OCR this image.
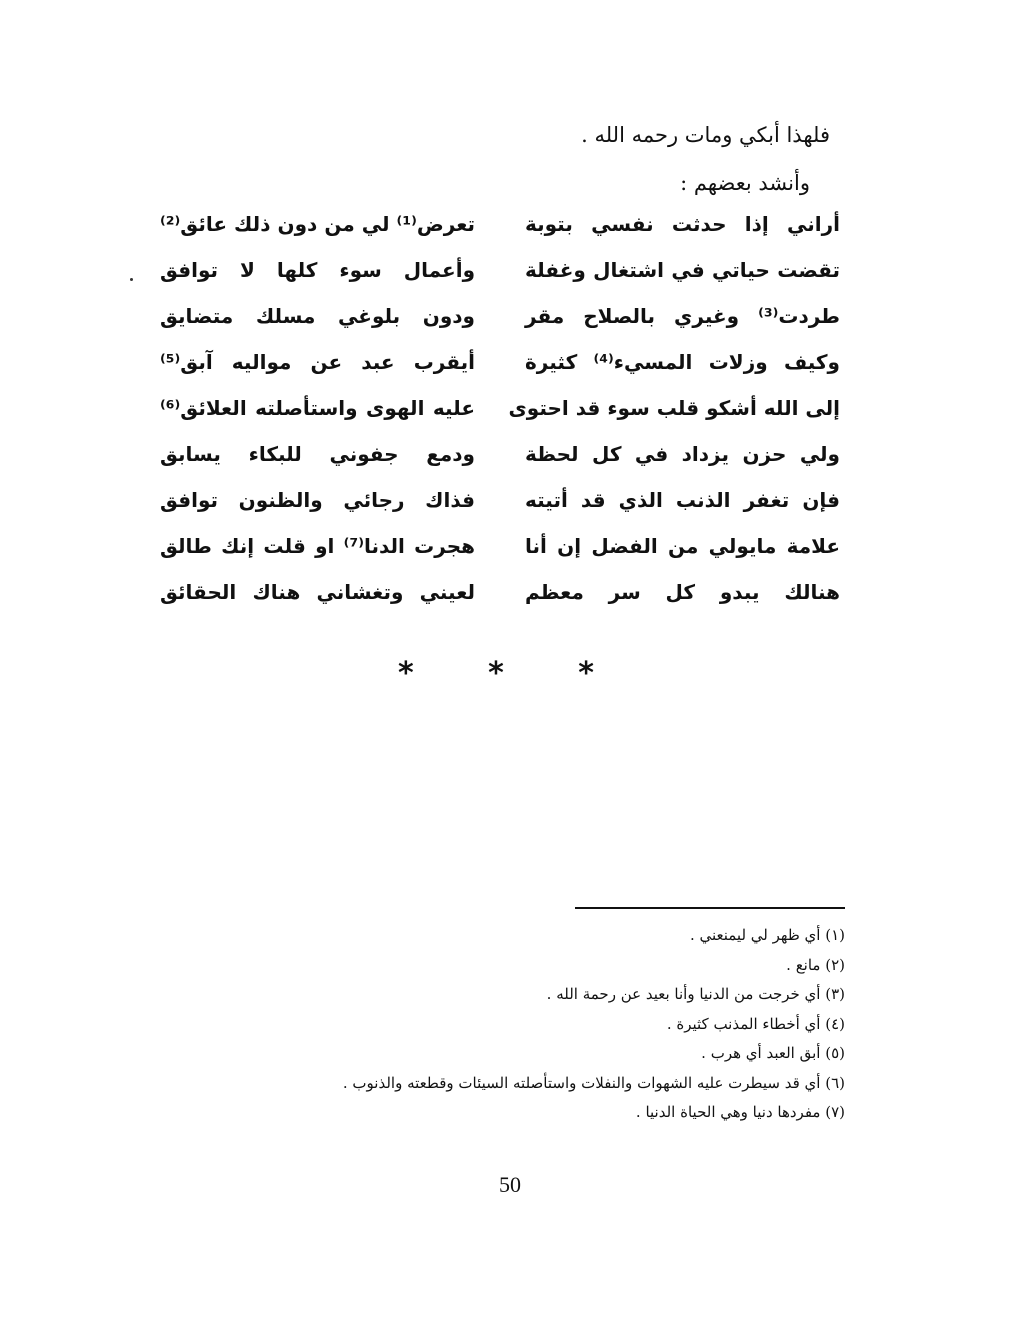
فلهذا أبكي ومات رحمه الله .
وأنشد بعضهم :
أراني إذا حدثت نفسي بتوبة
تعرض⁽¹⁾ لي من دون ذلك عائق⁽²⁾
تقضت حياتي في اشتغال وغفلة
وأعمال سوء كلها لا توافق
طردت⁽³⁾ وغيري بالصلاح مقر
ودون بلوغي مسلك متضايق
وكيف وزلات المسيء⁽⁴⁾ كثيرة
أيقرب عبد عن مواليه آبق⁽⁵⁾
إلى الله أشكو قلب سوء قد احتوى
عليه الهوى واستأصلته العلائق⁽⁶⁾
ولي حزن يزداد في كل لحظة
ودمع جفوني للبكاء يسابق
فإن تغفر الذنب الذي قد أتيته
فذاك رجائي والظنون توافق
علامة مايولي من الفضل إن أنا
هجرت الدنا⁽⁷⁾ او قلت إنك طالق
هنالك يبدو كل سر معظم
لعيني وتغشاني هناك الحقائق
* * *
(١) أي ظهر لي ليمنعني .
(٢) مانع .
(٣) أي خرجت من الدنيا وأنا بعيد عن رحمة الله .
(٤) أي أخطاء المذنب كثيرة .
(٥) أبق العبد أي هرب .
(٦) أي قد سيطرت عليه الشهوات والنفلات واستأصلته السيئات وقطعته والذنوب .
(٧) مفردها دنيا وهي الحياة الدنيا .
50
